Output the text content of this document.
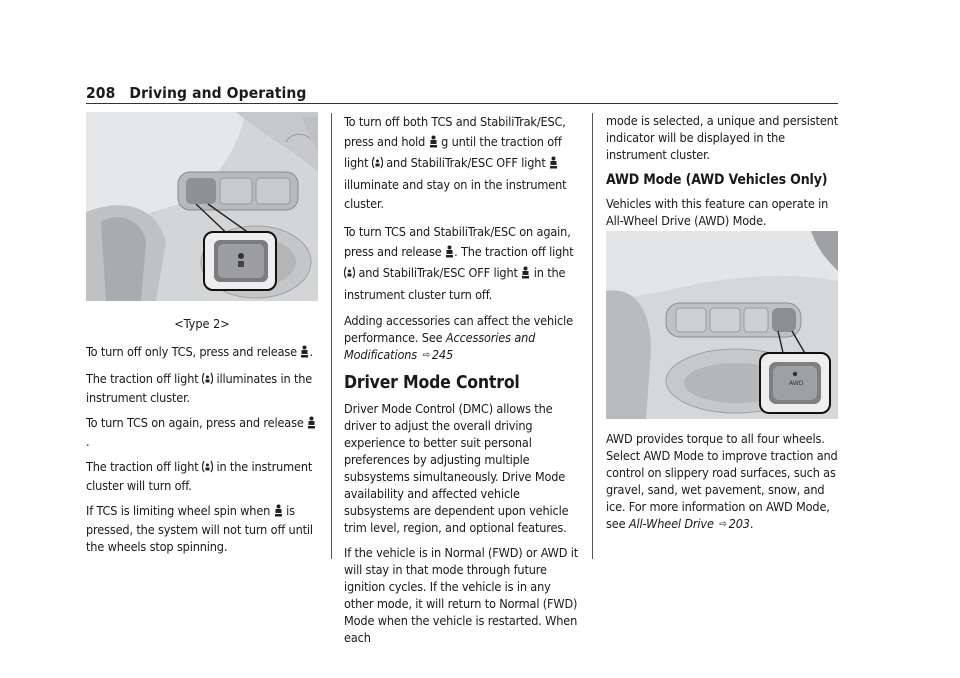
208 Driving and Operating
<Type 2>

To turn off only TCS, press and release .

The traction off light  illuminates in the instrument cluster.

To turn TCS on again, press and release .

The traction off light  in the instrument cluster will turn off.

If TCS is limiting wheel spin when  is pressed, the system will not turn off until the wheels stop spinning.

To turn off both TCS and StabiliTrak/ESC, press and hold  g until the traction off light  and StabiliTrak/ESC OFF light  illuminate and stay on in the instrument cluster.

To turn TCS and StabiliTrak/ESC on again, press and release . The traction off light  and StabiliTrak/ESC OFF light  in the instrument cluster turn off.

Adding accessories can affect the vehicle performance. See Accessories and Modifications ⇨ 245

Driver Mode Control

Driver Mode Control (DMC) allows the driver to adjust the overall driving experience to better suit personal preferences by adjusting multiple subsystems simultaneously. Drive Mode availability and affected vehicle subsystems are dependent upon vehicle trim level, region, and optional features.

If the vehicle is in Normal (FWD) or AWD it will stay in that mode through future ignition cycles. If the vehicle is in any other mode, it will return to Normal (FWD) Mode when the vehicle is restarted. When each

mode is selected, a unique and persistent indicator will be displayed in the instrument cluster.

AWD Mode (AWD Vehicles Only)

Vehicles with this feature can operate in All-Wheel Drive (AWD) Mode.

AWD

AWD provides torque to all four wheels. Select AWD Mode to improve traction and control on slippery road surfaces, such as gravel, sand, wet pavement, snow, and ice. For more information on AWD Mode, see All-Wheel Drive ⇨ 203.
